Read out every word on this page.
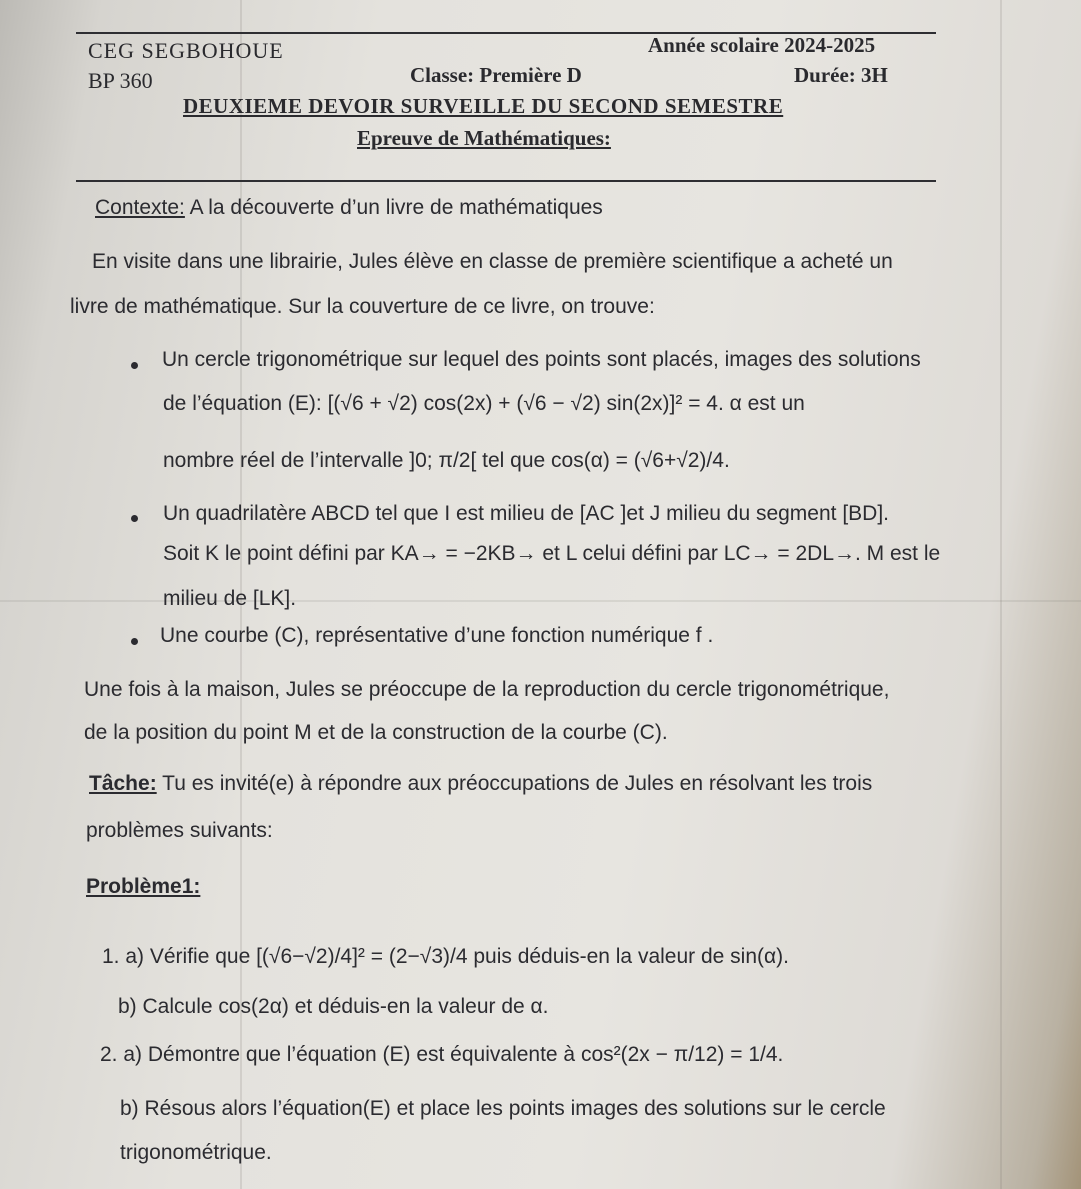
CEG SEGBOHOUE
BP 360
Année scolaire 2024-2025
Classe: Première D	Durée: 3H
DEUXIEME DEVOIR SURVEILLE DU SECOND SEMESTRE
Epreuve de Mathématiques:
Contexte: A la découverte d’un livre de mathématiques
En visite dans une librairie, Jules élève en classe de première scientifique a acheté un
livre de mathématique. Sur la couverture de ce livre, on trouve:
Un cercle trigonométrique sur lequel des points sont placés, images des solutions
de l’équation (E): [(√6 + √2) cos(2x) + (√6 − √2) sin(2x)]² = 4. α est un
nombre réel de l’intervalle ]0; π/2[ tel que cos(α) = (√6+√2)/4.
Un quadrilatère ABCD tel que I est milieu de [AC ]et J milieu du segment [BD].
Soit K le point défini par KA→ = −2KB→ et L celui défini par LC→ = 2DL→. M est le
milieu de [LK].
Une courbe (C), représentative d’une fonction numérique f .
Une fois à la maison, Jules se préoccupe de la reproduction du cercle trigonométrique,
de la position du point M et de la construction de la courbe (C).
Tâche: Tu es invité(e) à répondre aux préoccupations de Jules en résolvant les trois
problèmes suivants:
Problème1:
1. a) Vérifie que [(√6−√2)/4]² = (2−√3)/4 puis déduis-en la valeur de sin(α).
b) Calcule cos(2α) et déduis-en la valeur de α.
2. a) Démontre que l’équation (E) est équivalente à cos²(2x − π/12) = 1/4.
b) Résous alors l’équation(E) et place les points images des solutions sur le cercle
trigonométrique.
